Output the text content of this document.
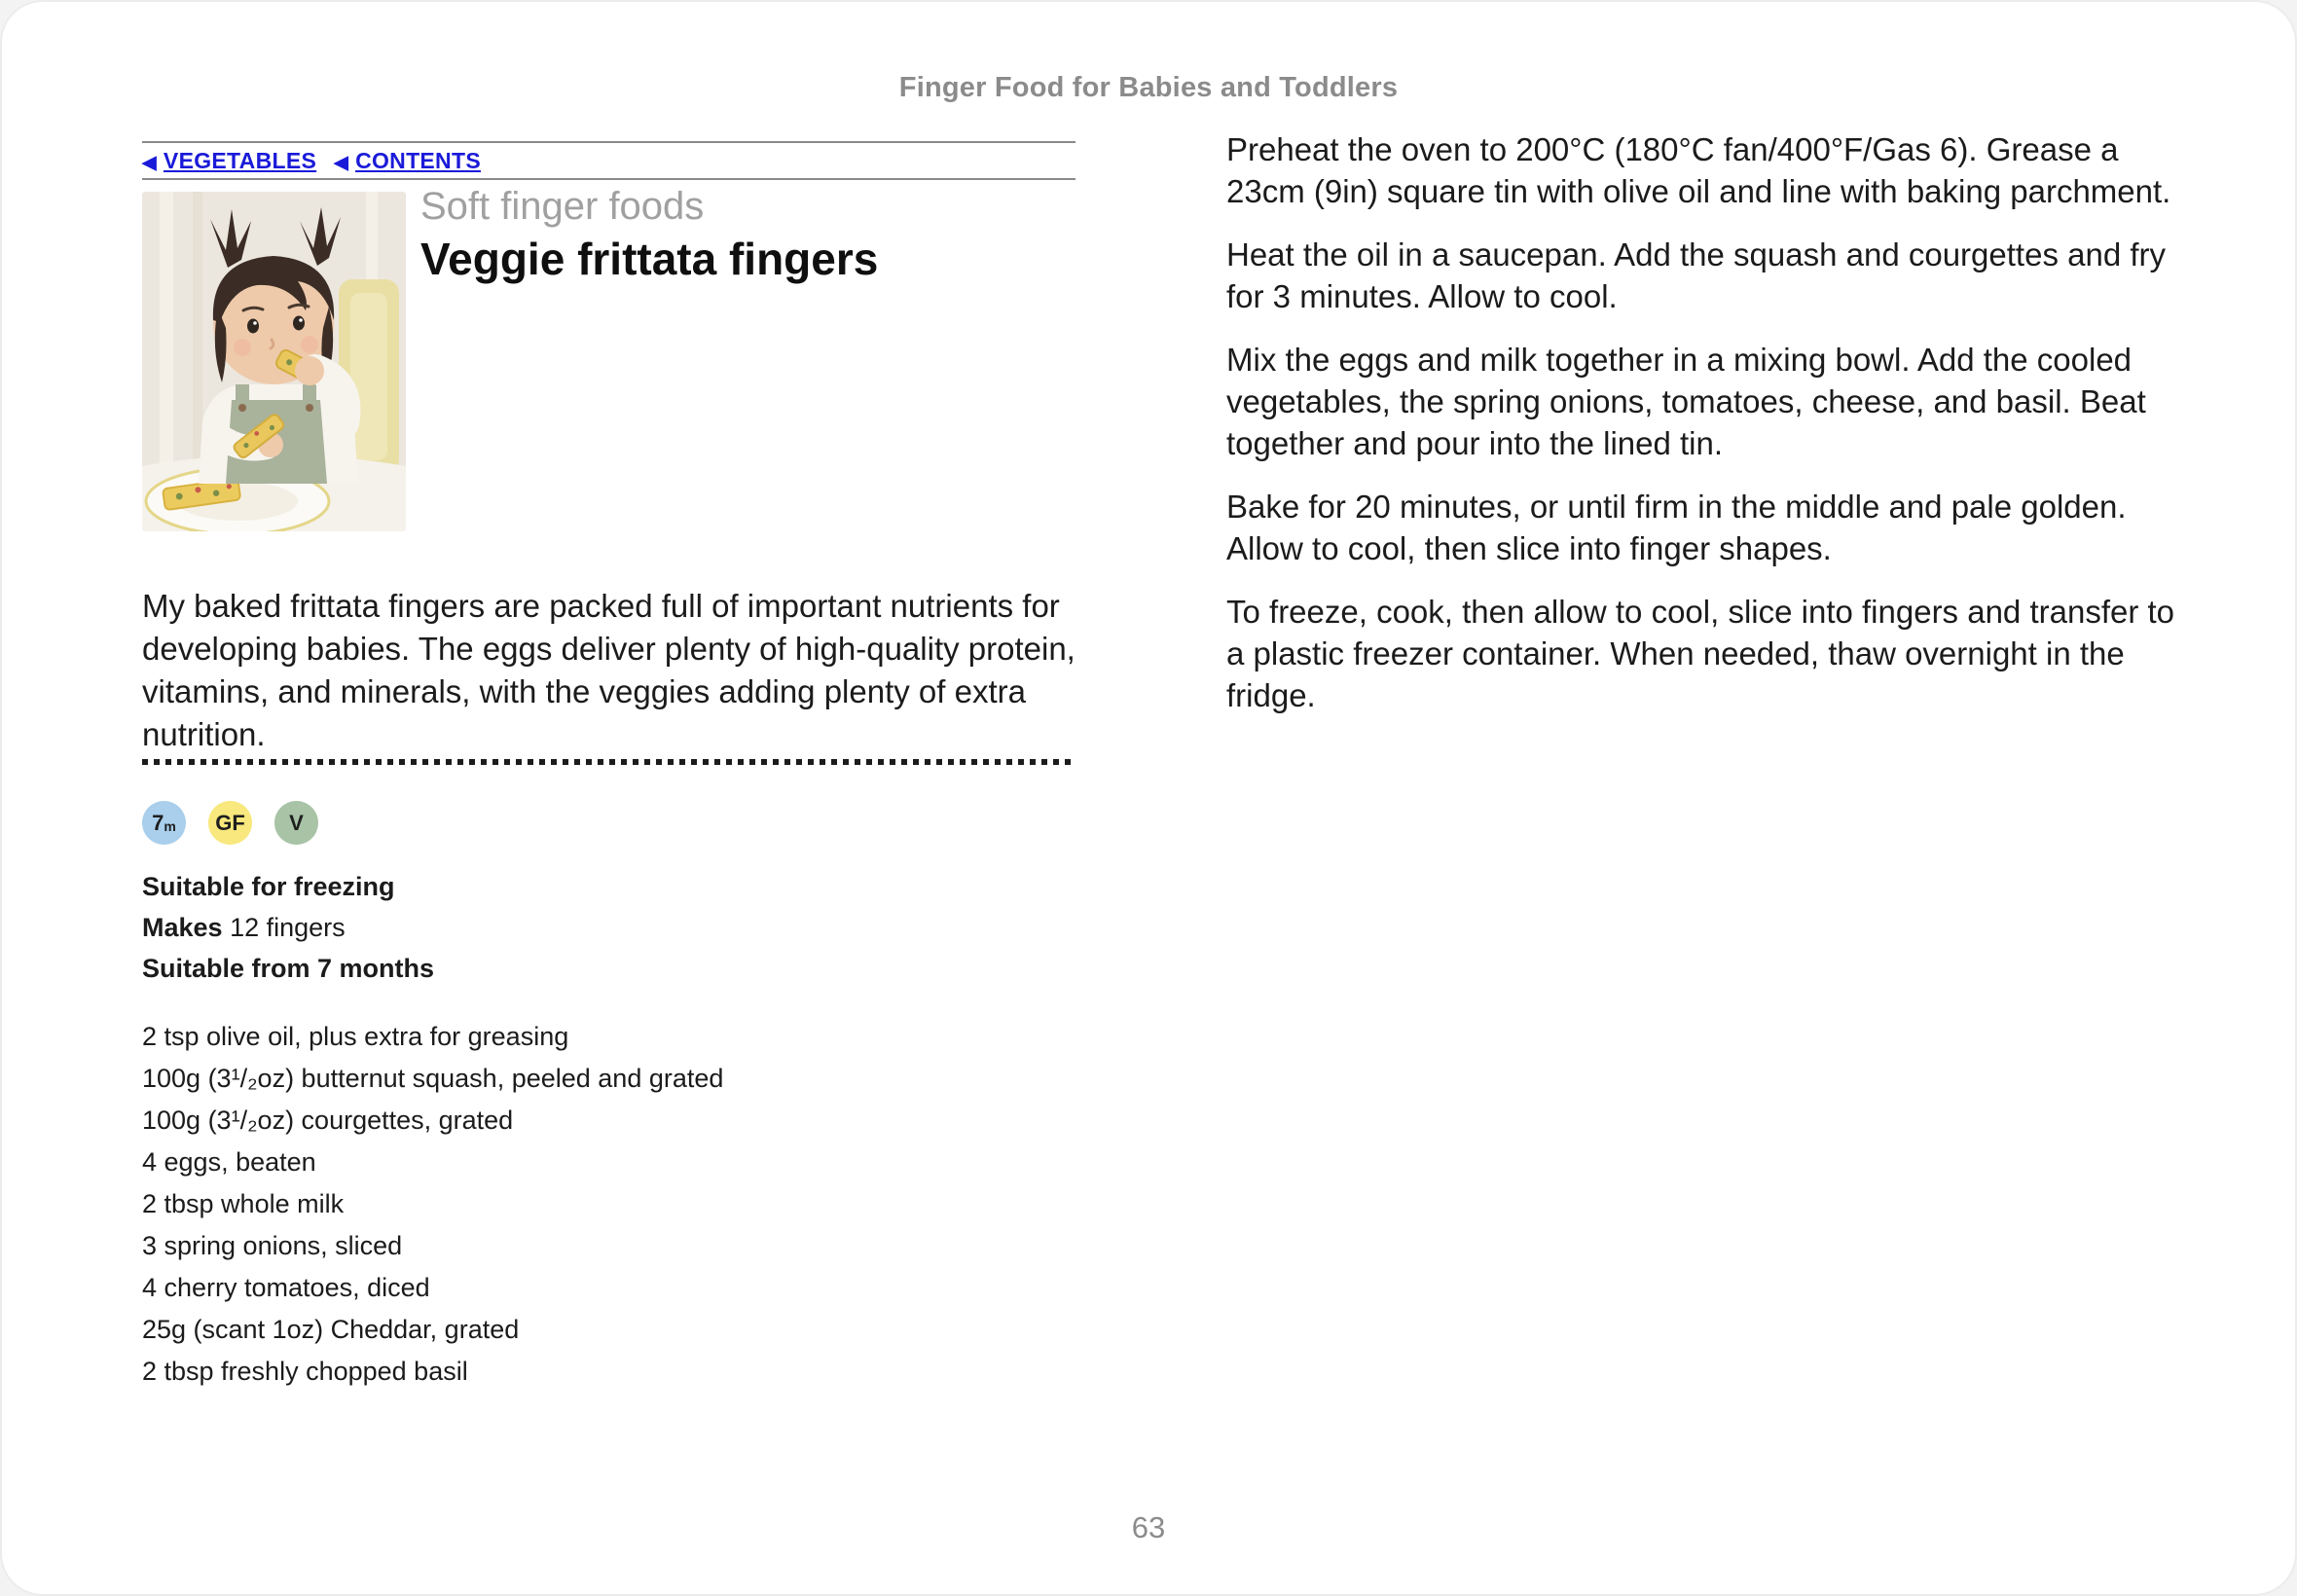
Finger Food for Babies and Toddlers
◀ VEGETABLES ◀ CONTENTS
Soft finger foods
Veggie frittata fingers

My baked frittata fingers are packed full of important nutrients for developing babies. The eggs deliver plenty of high-quality protein, vitamins, and minerals, with the veggies adding plenty of extra nutrition.

7 m	GF	V

Suitable for freezing

Makes 12 fingers

Suitable from 7 months

2 tsp olive oil, plus extra for greasing
100g (3¹/₂oz) butternut squash, peeled and grated
100g (3¹/₂oz) courgettes, grated
4 eggs, beaten
2 tbsp whole milk
3 spring onions, sliced
4 cherry tomatoes, diced
25g (scant 1oz) Cheddar, grated
2 tbsp freshly chopped basil

Preheat the oven to 200°C (180°C fan/400°F/Gas 6). Grease a 23cm (9in) square tin with olive oil and line with baking parchment.

Heat the oil in a saucepan. Add the squash and courgettes and fry for 3 minutes. Allow to cool.

Mix the eggs and milk together in a mixing bowl. Add the cooled vegetables, the spring onions, tomatoes, cheese, and basil. Beat together and pour into the lined tin.

Bake for 20 minutes, or until firm in the middle and pale golden. Allow to cool, then slice into finger shapes.

To freeze, cook, then allow to cool, slice into fingers and transfer to a plastic freezer container. When needed, thaw overnight in the fridge.

63
